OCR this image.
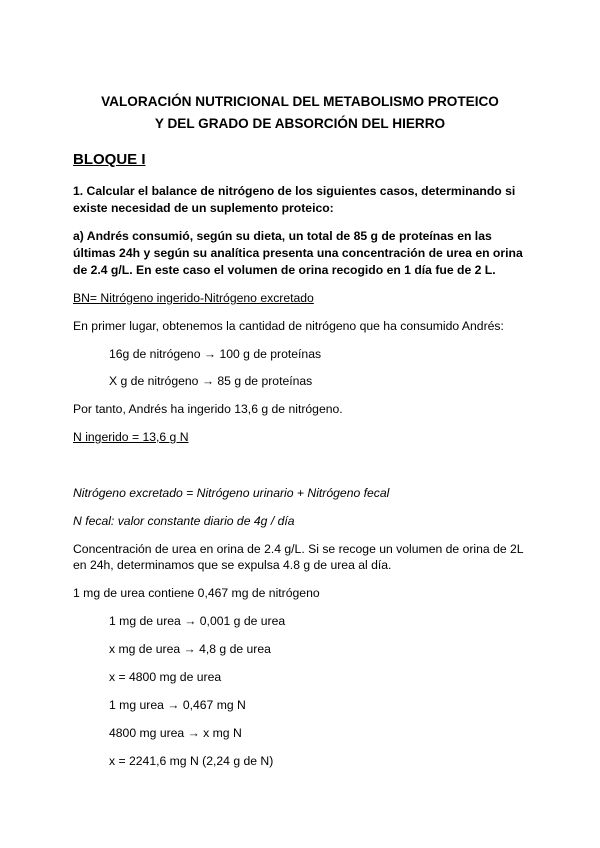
VALORACIÓN NUTRICIONAL DEL METABOLISMO PROTEICO
Y DEL GRADO DE ABSORCIÓN DEL HIERRO
BLOQUE I
1. Calcular el balance de nitrógeno de los siguientes casos, determinando si
existe necesidad de un suplemento proteico:
a) Andrés consumió, según su dieta, un total de 85 g de proteínas en las
últimas 24h y según su analítica presenta una concentración de urea en orina
de 2.4 g/L. En este caso el volumen de orina recogido en 1 día fue de 2 L.
BN= Nitrógeno ingerido-Nitrógeno excretado
En primer lugar, obtenemos la cantidad de nitrógeno que ha consumido Andrés:
16g de nitrógeno → 100 g de proteínas
X g de nitrógeno → 85 g de proteínas
Por tanto, Andrés ha ingerido 13,6 g de nitrógeno.
N ingerido = 13,6 g N
Nitrógeno excretado = Nitrógeno urinario + Nitrógeno fecal
N fecal: valor constante diario de 4g / día
Concentración de urea en orina de 2.4 g/L. Si se recoge un volumen de orina de 2L
en 24h, determinamos que se expulsa 4.8 g de urea al día.
1 mg de urea contiene 0,467 mg de nitrógeno
1 mg de urea → 0,001 g de urea
x mg de urea → 4,8 g de urea
x = 4800 mg de urea
1 mg urea → 0,467 mg N
4800 mg urea → x mg N
x = 2241,6 mg N (2,24 g de N)
